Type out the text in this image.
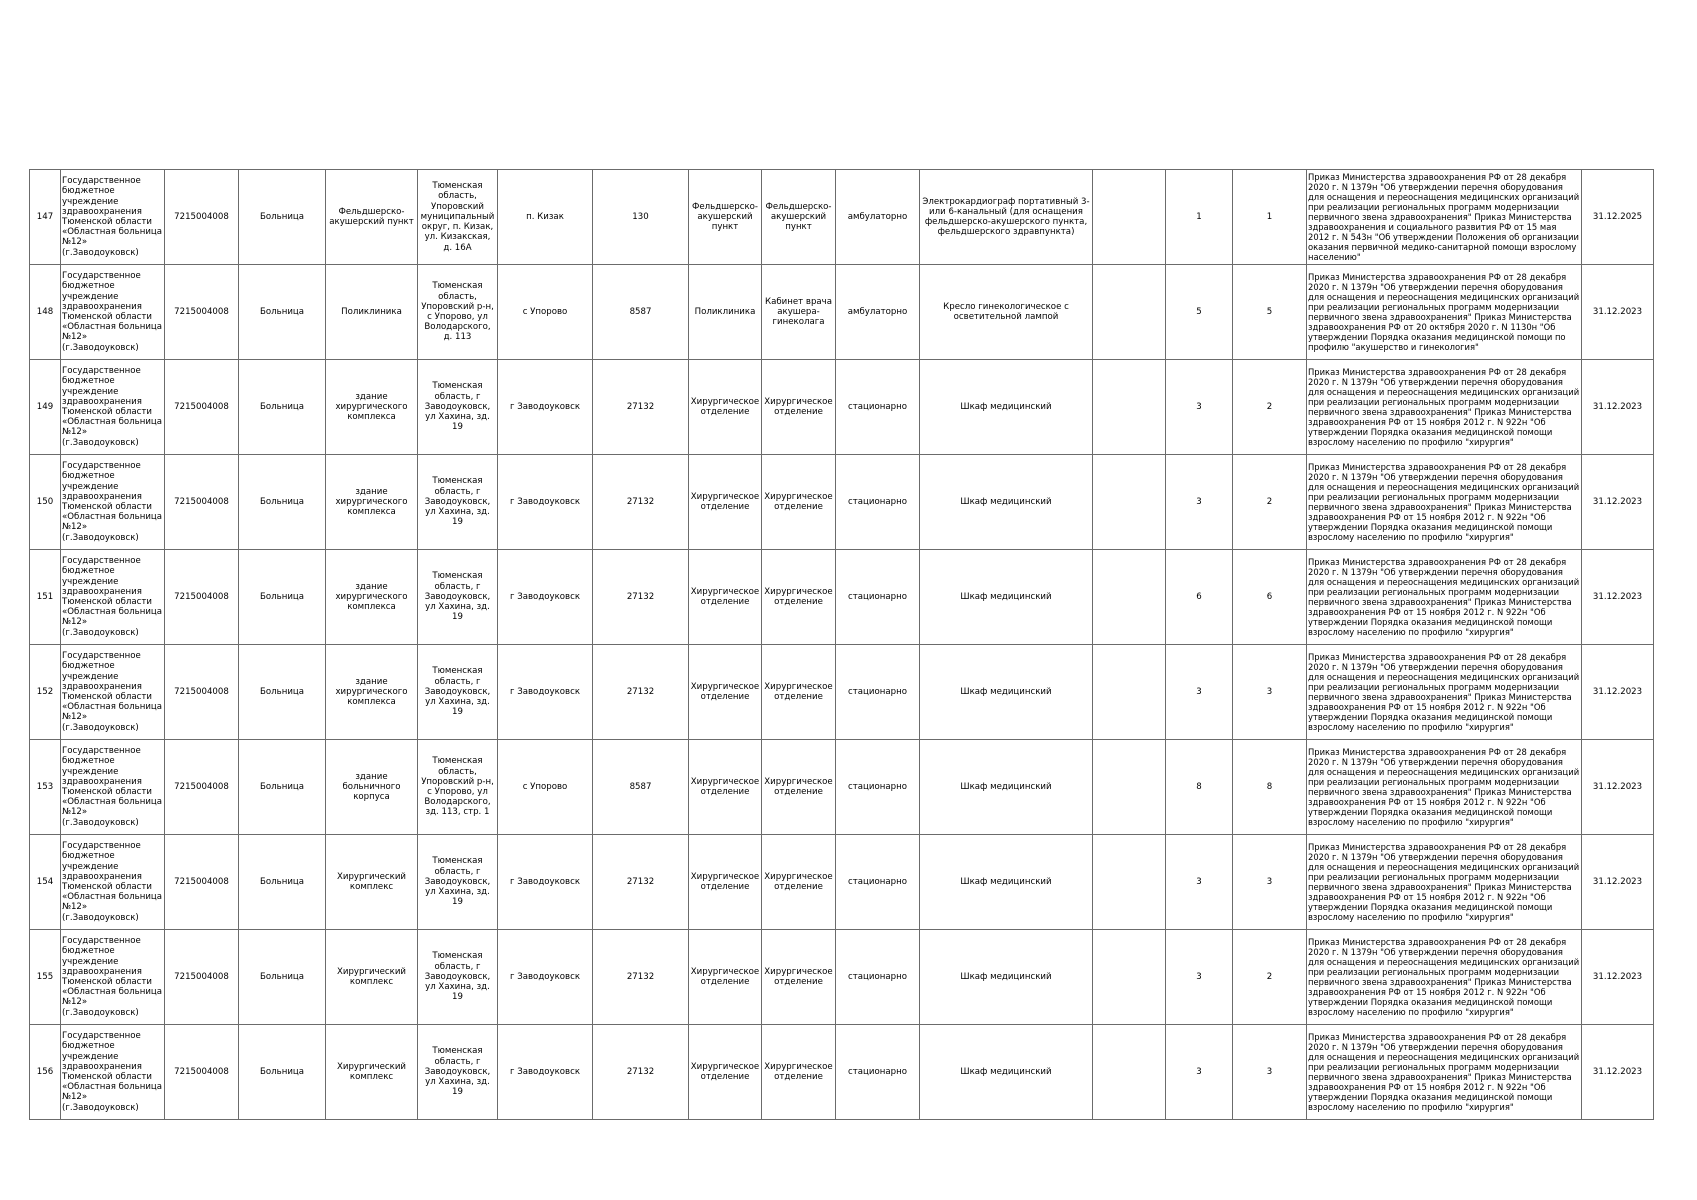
147	Государственное бюджетное учреждение здравоохранения Тюменской области «Областная больница №12» (г.Заводоуковск)	7215004008	Больница	Фельдшерско-акушерский пункт	Тюменская область, Упоровский муниципальный округ, п. Кизак, ул. Кизакская, д. 16А	п. Кизак	130	Фельдшерско-акушерский пункт	Фельдшерско-акушерский пункт	амбулаторно	Электрокардиограф портативный 3- или 6-канальный (для оснащения фельдшерско-акушерского пункта, фельдшерского здравпункта)		1	1	Приказ Министерства здравоохранения РФ от 28 декабря 2020 г. N 1379н "Об утверждении перечня оборудования для оснащения и переоснащения медицинских организаций при реализации региональных программ модернизации первичного звена здравоохранения" Приказ Министерства здравоохранения и социального развития РФ от 15 мая 2012 г. N 543н "Об утверждении Положения об организации оказания первичной медико-санитарной помощи взрослому населению"	31.12.2025
148	Государственное бюджетное учреждение здравоохранения Тюменской области «Областная больница №12» (г.Заводоуковск)	7215004008	Больница	Поликлиника	Тюменская область, Упоровский р-н, с Упорово, ул Володарского, д. 113	с Упорово	8587	Поликлиника	Кабинет врача акушера-гинеколага	амбулаторно	Кресло гинекологическое с осветительной лампой		5	5	Приказ Министерства здравоохранения РФ от 28 декабря 2020 г. N 1379н "Об утверждении перечня оборудования для оснащения и переоснащения медицинских организаций при реализации региональных программ модернизации первичного звена здравоохранения" Приказ Министерства здравоохранения РФ от 20 октября 2020 г. N 1130н "Об утверждении Порядка оказания медицинской помощи по профилю "акушерство и гинекология"	31.12.2023
149	Государственное бюджетное учреждение здравоохранения Тюменской области «Областная больница №12» (г.Заводоуковск)	7215004008	Больница	здание хирургического комплекса	Тюменская область, г Заводоуковск, ул Хахина, зд. 19	г Заводоуковск	27132	Хирургическое отделение	Хирургическое отделение	стационарно	Шкаф медицинский		3	2	Приказ Министерства здравоохранения РФ от 28 декабря 2020 г. N 1379н "Об утверждении перечня оборудования для оснащения и переоснащения медицинских организаций при реализации региональных программ модернизации первичного звена здравоохранения" Приказ Министерства здравоохранения РФ от 15 ноября 2012 г. N 922н "Об утверждении Порядка оказания медицинской помощи взрослому населению по профилю "хирургия"	31.12.2023
150	Государственное бюджетное учреждение здравоохранения Тюменской области «Областная больница №12» (г.Заводоуковск)	7215004008	Больница	здание хирургического комплекса	Тюменская область, г Заводоуковск, ул Хахина, зд. 19	г Заводоуковск	27132	Хирургическое отделение	Хирургическое отделение	стационарно	Шкаф медицинский		3	2	Приказ Министерства здравоохранения РФ от 28 декабря 2020 г. N 1379н "Об утверждении перечня оборудования для оснащения и переоснащения медицинских организаций при реализации региональных программ модернизации первичного звена здравоохранения" Приказ Министерства здравоохранения РФ от 15 ноября 2012 г. N 922н "Об утверждении Порядка оказания медицинской помощи взрослому населению по профилю "хирургия"	31.12.2023
151	Государственное бюджетное учреждение здравоохранения Тюменской области «Областная больница №12» (г.Заводоуковск)	7215004008	Больница	здание хирургического комплекса	Тюменская область, г Заводоуковск, ул Хахина, зд. 19	г Заводоуковск	27132	Хирургическое отделение	Хирургическое отделение	стационарно	Шкаф медицинский		6	6	Приказ Министерства здравоохранения РФ от 28 декабря 2020 г. N 1379н "Об утверждении перечня оборудования для оснащения и переоснащения медицинских организаций при реализации региональных программ модернизации первичного звена здравоохранения" Приказ Министерства здравоохранения РФ от 15 ноября 2012 г. N 922н "Об утверждении Порядка оказания медицинской помощи взрослому населению по профилю "хирургия"	31.12.2023
152	Государственное бюджетное учреждение здравоохранения Тюменской области «Областная больница №12» (г.Заводоуковск)	7215004008	Больница	здание хирургического комплекса	Тюменская область, г Заводоуковск, ул Хахина, зд. 19	г Заводоуковск	27132	Хирургическое отделение	Хирургическое отделение	стационарно	Шкаф медицинский		3	3	Приказ Министерства здравоохранения РФ от 28 декабря 2020 г. N 1379н "Об утверждении перечня оборудования для оснащения и переоснащения медицинских организаций при реализации региональных программ модернизации первичного звена здравоохранения" Приказ Министерства здравоохранения РФ от 15 ноября 2012 г. N 922н "Об утверждении Порядка оказания медицинской помощи взрослому населению по профилю "хирургия"	31.12.2023
153	Государственное бюджетное учреждение здравоохранения Тюменской области «Областная больница №12» (г.Заводоуковск)	7215004008	Больница	здание больничного корпуса	Тюменская область, Упоровский р-н, с Упорово, ул Володарского, зд. 113, стр. 1	с Упорово	8587	Хирургическое отделение	Хирургическое отделение	стационарно	Шкаф медицинский		8	8	Приказ Министерства здравоохранения РФ от 28 декабря 2020 г. N 1379н "Об утверждении перечня оборудования для оснащения и переоснащения медицинских организаций при реализации региональных программ модернизации первичного звена здравоохранения" Приказ Министерства здравоохранения РФ от 15 ноября 2012 г. N 922н "Об утверждении Порядка оказания медицинской помощи взрослому населению по профилю "хирургия"	31.12.2023
154	Государственное бюджетное учреждение здравоохранения Тюменской области «Областная больница №12» (г.Заводоуковск)	7215004008	Больница	Хирургический комплекс	Тюменская область, г Заводоуковск, ул Хахина, зд. 19	г Заводоуковск	27132	Хирургическое отделение	Хирургическое отделение	стационарно	Шкаф медицинский		3	3	Приказ Министерства здравоохранения РФ от 28 декабря 2020 г. N 1379н "Об утверждении перечня оборудования для оснащения и переоснащения медицинских организаций при реализации региональных программ модернизации первичного звена здравоохранения" Приказ Министерства здравоохранения РФ от 15 ноября 2012 г. N 922н "Об утверждении Порядка оказания медицинской помощи взрослому населению по профилю "хирургия"	31.12.2023
155	Государственное бюджетное учреждение здравоохранения Тюменской области «Областная больница №12» (г.Заводоуковск)	7215004008	Больница	Хирургический комплекс	Тюменская область, г Заводоуковск, ул Хахина, зд. 19	г Заводоуковск	27132	Хирургическое отделение	Хирургическое отделение	стационарно	Шкаф медицинский		3	2	Приказ Министерства здравоохранения РФ от 28 декабря 2020 г. N 1379н "Об утверждении перечня оборудования для оснащения и переоснащения медицинских организаций при реализации региональных программ модернизации первичного звена здравоохранения" Приказ Министерства здравоохранения РФ от 15 ноября 2012 г. N 922н "Об утверждении Порядка оказания медицинской помощи взрослому населению по профилю "хирургия"	31.12.2023
156	Государственное бюджетное учреждение здравоохранения Тюменской области «Областная больница №12» (г.Заводоуковск)	7215004008	Больница	Хирургический комплекс	Тюменская область, г Заводоуковск, ул Хахина, зд. 19	г Заводоуковск	27132	Хирургическое отделение	Хирургическое отделение	стационарно	Шкаф медицинский		3	3	Приказ Министерства здравоохранения РФ от 28 декабря 2020 г. N 1379н "Об утверждении перечня оборудования для оснащения и переоснащения медицинских организаций при реализации региональных программ модернизации первичного звена здравоохранения" Приказ Министерства здравоохранения РФ от 15 ноября 2012 г. N 922н "Об утверждении Порядка оказания медицинской помощи взрослому населению по профилю "хирургия"	31.12.2023
